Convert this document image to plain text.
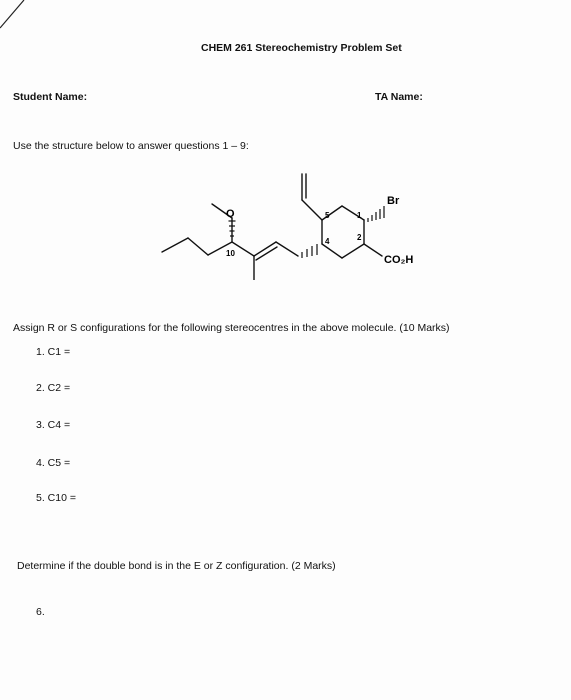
CHEM 261 Stereochemistry Problem Set
Student Name:	TA Name:
Use the structure below to answer questions 1 – 9:
O
Br
CO₂H
10
5	1
4	2
Assign R or S configurations for the following stereocentres in the above molecule. (10 Marks)
1. C1 =
2. C2 =
3. C4 =
4. C5 =
5. C10 =
Determine if the double bond is in the E or Z configuration. (2 Marks)
6.
